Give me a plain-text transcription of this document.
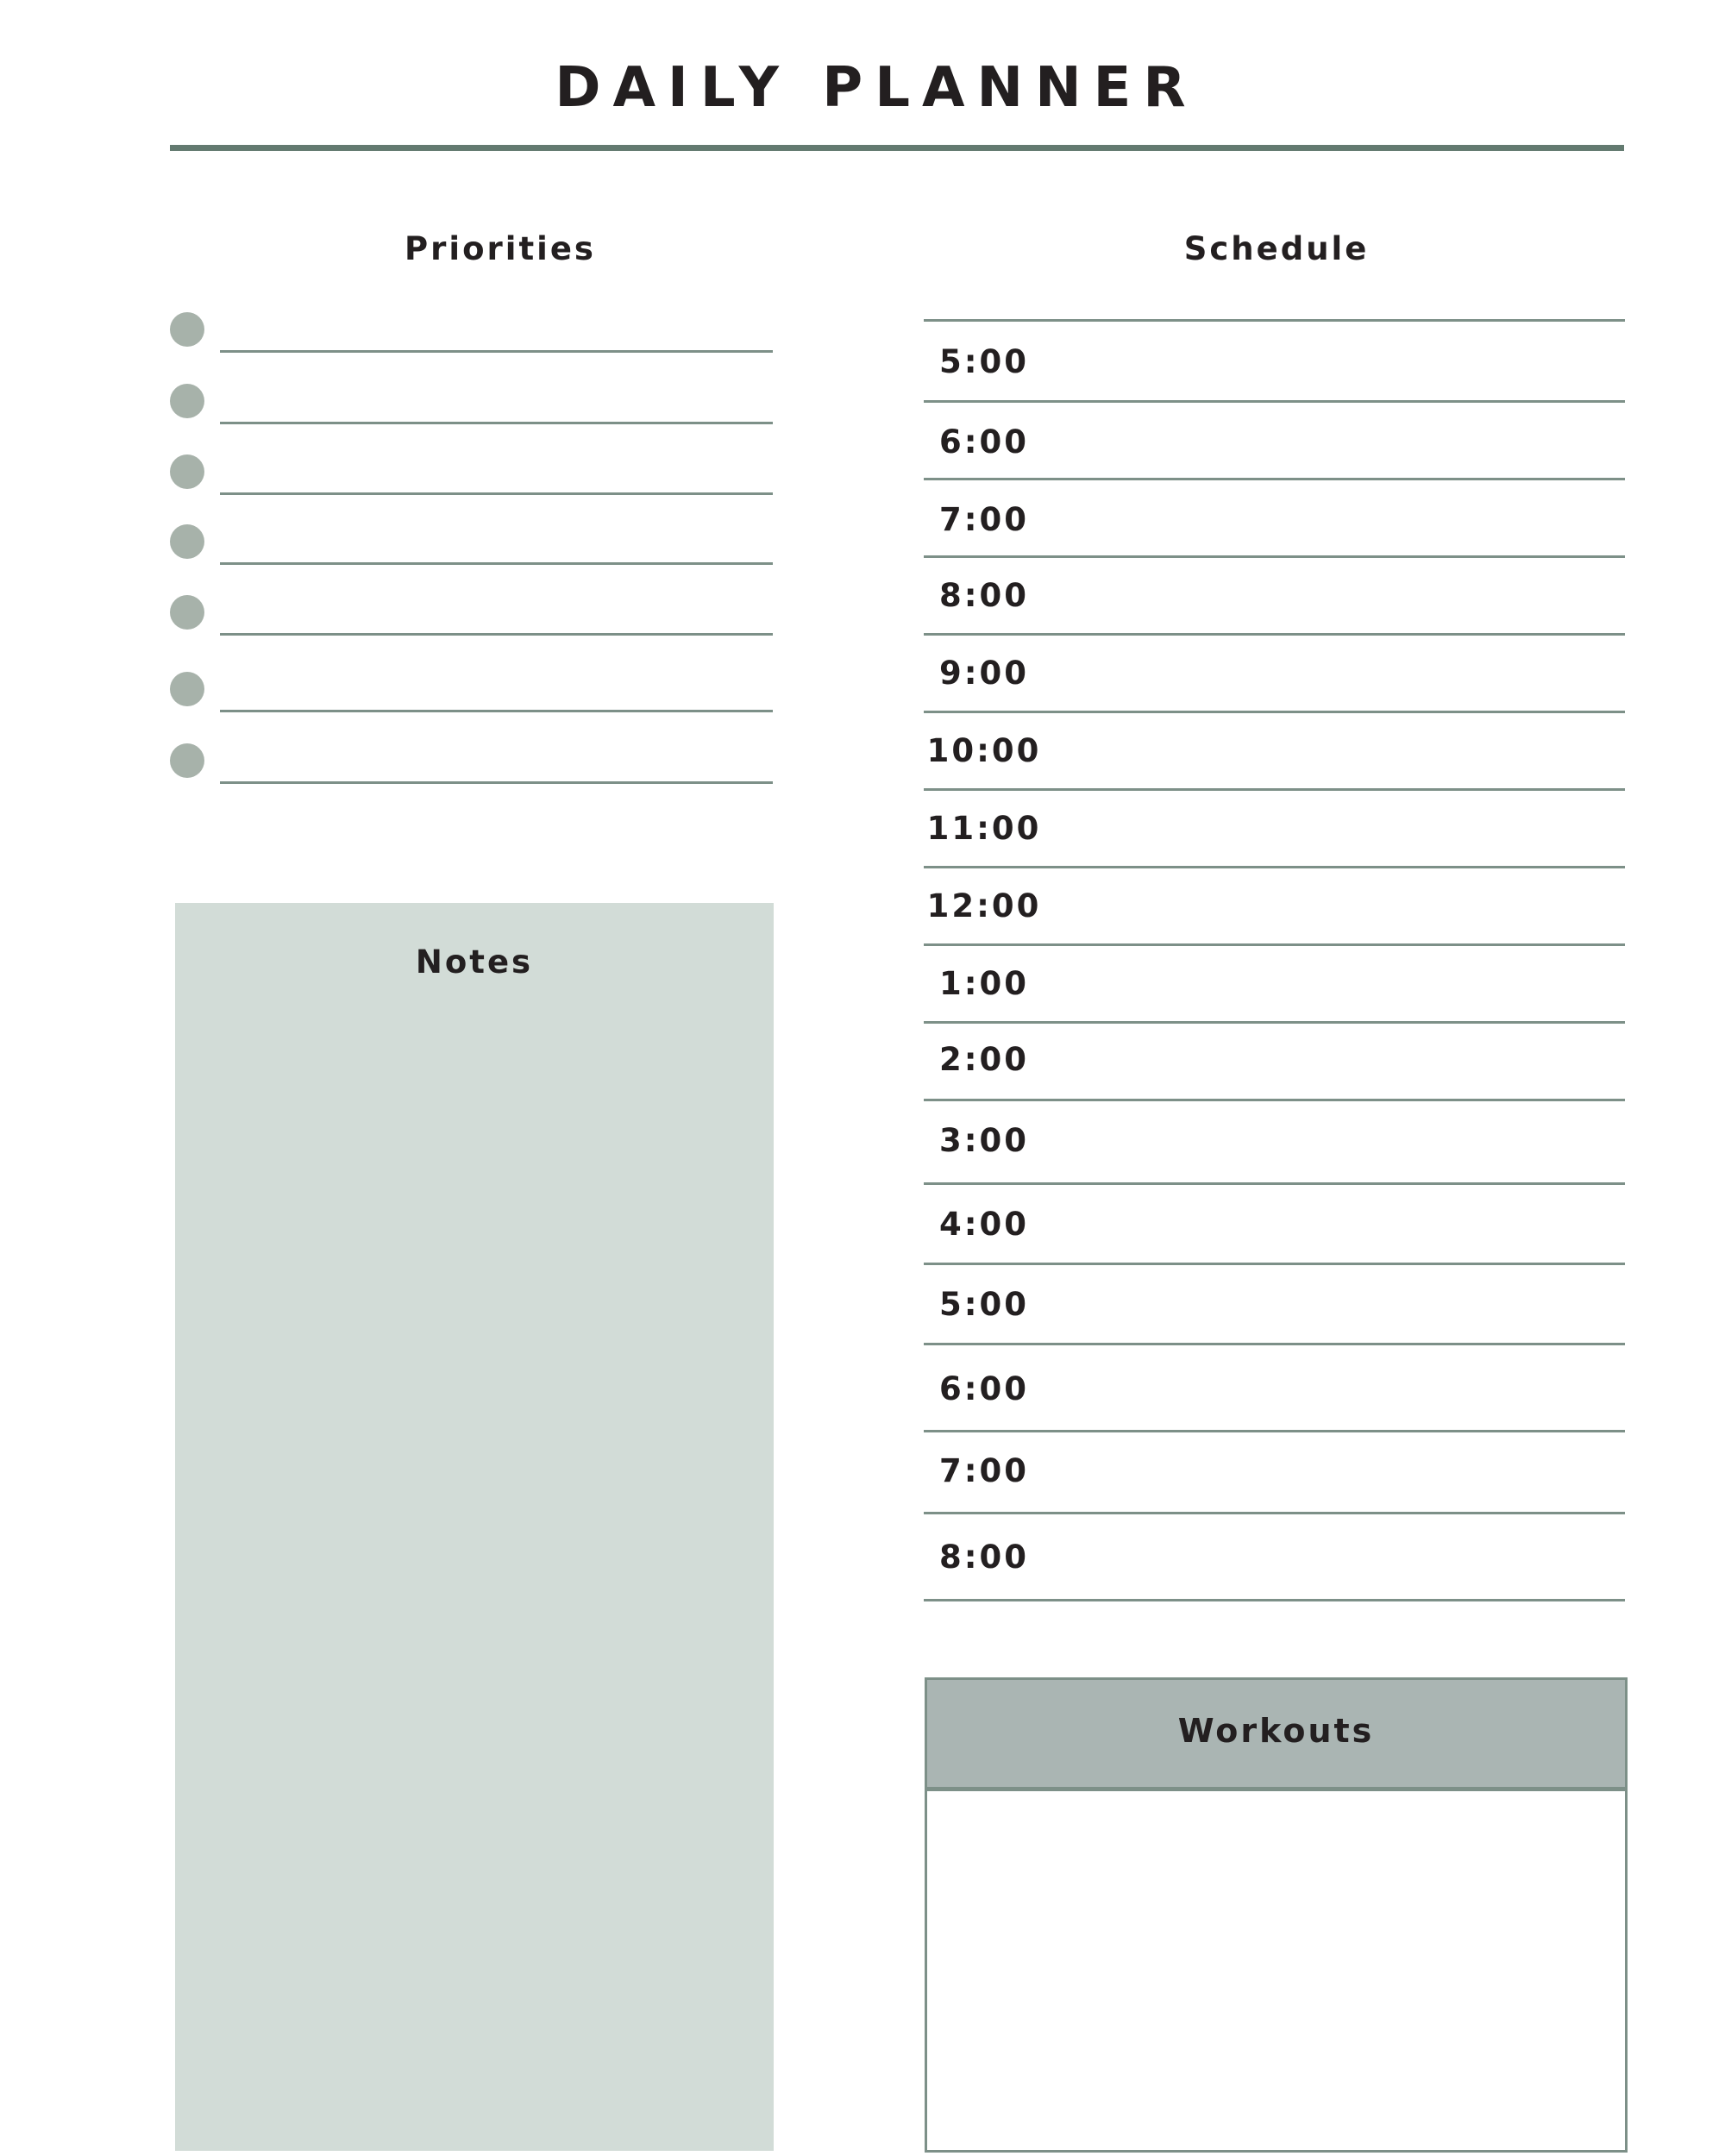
DAILY PLANNER
Priorities
Notes
Schedule
5:00
6:00
7:00
8:00
9:00
10:00
11:00
12:00
1:00
2:00
3:00
4:00
5:00
6:00
7:00
8:00
Workouts
